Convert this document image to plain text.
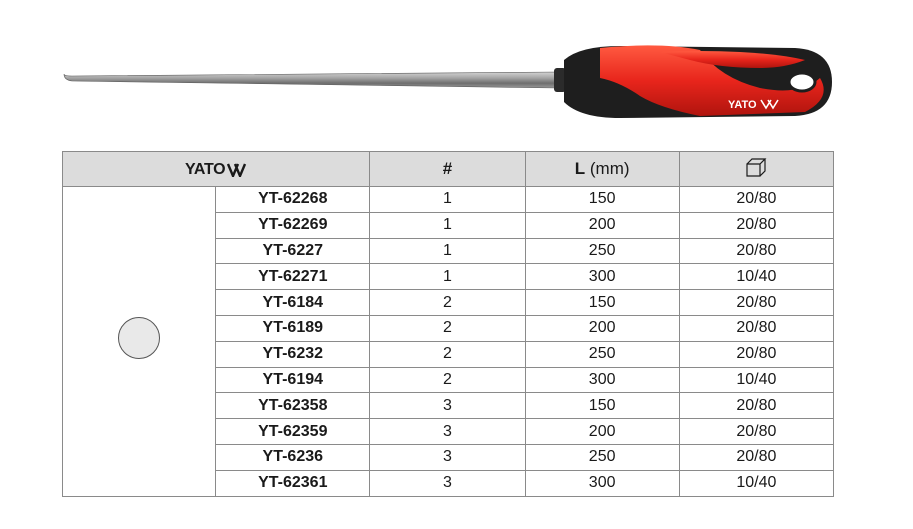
YATO
YATO		#	L (mm)	
	YT-62268	1	150	20/80
	YT-62269	1	200	20/80
	YT-6227	1	250	20/80
	YT-62271	1	300	10/40
	YT-6184	2	150	20/80
	YT-6189	2	200	20/80
	YT-6232	2	250	20/80
	YT-6194	2	300	10/40
	YT-62358	3	150	20/80
	YT-62359	3	200	20/80
	YT-6236	3	250	20/80
	YT-62361	3	300	10/40
